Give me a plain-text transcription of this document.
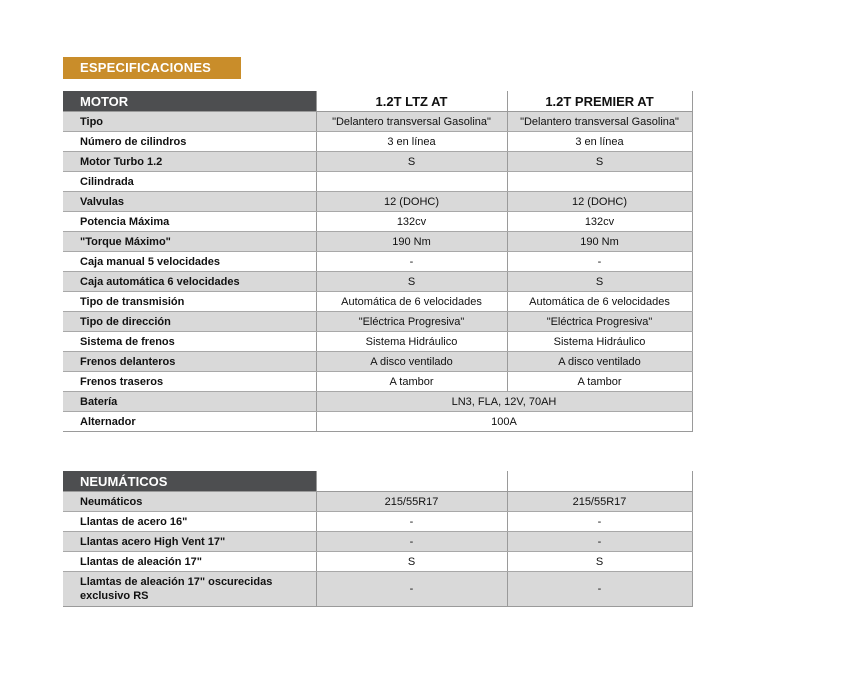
ESPECIFICACIONES
MOTOR	1.2T LTZ AT	1.2T PREMIER AT
Tipo	"Delantero transversal Gasolina"	"Delantero transversal Gasolina"
Número de cilindros	3 en línea	3 en línea
Motor Turbo 1.2	S	S
Cilindrada		
Valvulas	12 (DOHC)	12 (DOHC)
Potencia Máxima	132cv	132cv
"Torque Máximo"	190 Nm	190 Nm
Caja manual 5 velocidades	-	-
Caja automática 6 velocidades	S	S
Tipo de transmisión	Automática de 6 velocidades	Automática de 6 velocidades
Tipo de dirección	"Eléctrica Progresiva"	"Eléctrica Progresiva"
Sistema de frenos	Sistema Hidráulico	Sistema Hidráulico
Frenos delanteros	A disco ventilado	A disco ventilado
Frenos traseros	A tambor	A tambor
Batería	LN3, FLA, 12V, 70AH	
Alternador	100A	
NEUMÁTICOS		
Neumáticos	215/55R17	215/55R17
Llantas de acero 16"	-	-
Llantas acero High Vent 17"	-	-
Llantas de aleación 17"	S	S
Llamtas de aleación 17" oscurecidas exclusivo RS	-	-
